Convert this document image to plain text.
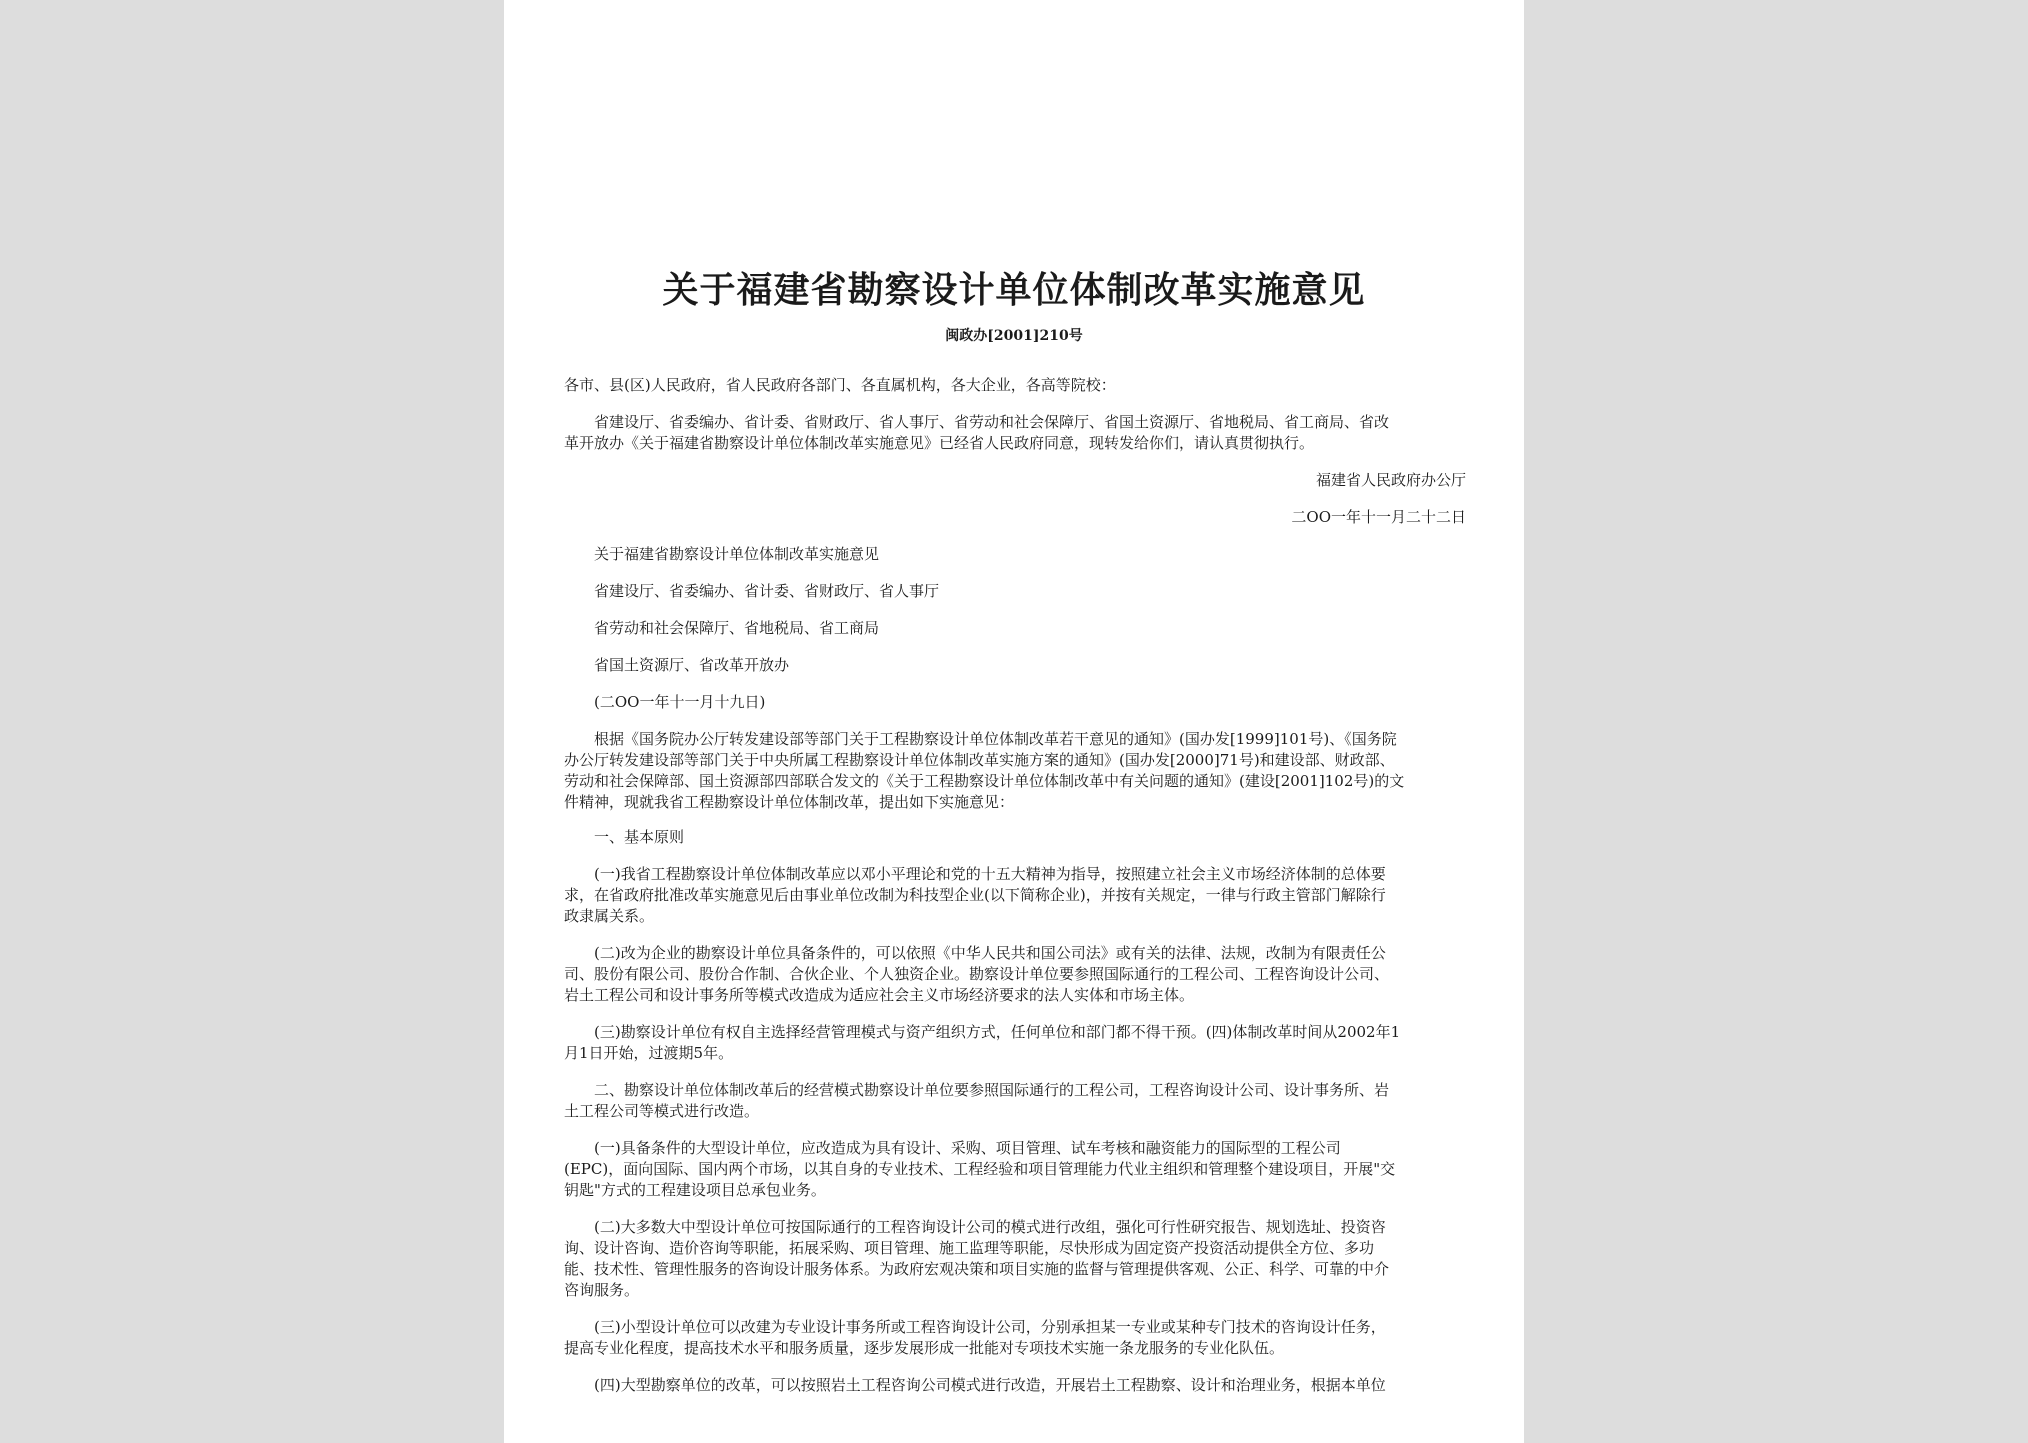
关于福建省勘察设计单位体制改革实施意见
闽政办[2001]210号

各市、县(区)人民政府，省人民政府各部门、各直属机构，各大企业，各高等院校：

省建设厅、省委编办、省计委、省财政厅、省人事厅、省劳动和社会保障厅、省国土资源厅、省地税局、省工商局、省改

革开放办《关于福建省勘察设计单位体制改革实施意见》已经省人民政府同意，现转发给你们，请认真贯彻执行。

福建省人民政府办公厅
二OO一年十一月二十二日

关于福建省勘察设计单位体制改革实施意见

省建设厅、省委编办、省计委、省财政厅、省人事厅

省劳动和社会保障厅、省地税局、省工商局

省国土资源厅、省改革开放办

(二OO一年十一月十九日)

根据《国务院办公厅转发建设部等部门关于工程勘察设计单位体制改革若干意见的通知》(国办发[1999]101号)、《国务院

办公厅转发建设部等部门关于中央所属工程勘察设计单位体制改革实施方案的通知》(国办发[2000]71号)和建设部、财政部、

劳动和社会保障部、国土资源部四部联合发文的《关于工程勘察设计单位体制改革中有关问题的通知》(建设[2001]102号)的文

件精神，现就我省工程勘察设计单位体制改革，提出如下实施意见：

一、基本原则

(一)我省工程勘察设计单位体制改革应以邓小平理论和党的十五大精神为指导，按照建立社会主义市场经济体制的总体要

求，在省政府批准改革实施意见后由事业单位改制为科技型企业(以下简称企业)，并按有关规定，一律与行政主管部门解除行

政隶属关系。

(二)改为企业的勘察设计单位具备条件的，可以依照《中华人民共和国公司法》或有关的法律、法规，改制为有限责任公

司、股份有限公司、股份合作制、合伙企业、个人独资企业。勘察设计单位要参照国际通行的工程公司、工程咨询设计公司、

岩土工程公司和设计事务所等模式改造成为适应社会主义市场经济要求的法人实体和市场主体。

(三)勘察设计单位有权自主选择经营管理模式与资产组织方式，任何单位和部门都不得干预。(四)体制改革时间从2002年1

月1日开始，过渡期5年。

二、勘察设计单位体制改革后的经营模式勘察设计单位要参照国际通行的工程公司，工程咨询设计公司、设计事务所、岩

土工程公司等模式进行改造。

(一)具备条件的大型设计单位，应改造成为具有设计、采购、项目管理、试车考核和融资能力的国际型的工程公司

(EPC)，面向国际、国内两个市场，以其自身的专业技术、工程经验和项目管理能力代业主组织和管理整个建设项目，开展"交

钥匙"方式的工程建设项目总承包业务。

(二)大多数大中型设计单位可按国际通行的工程咨询设计公司的模式进行改组，强化可行性研究报告、规划选址、投资咨

询、设计咨询、造价咨询等职能，拓展采购、项目管理、施工监理等职能，尽快形成为固定资产投资活动提供全方位、多功

能、技术性、管理性服务的咨询设计服务体系。为政府宏观决策和项目实施的监督与管理提供客观、公正、科学、可靠的中介

咨询服务。

(三)小型设计单位可以改建为专业设计事务所或工程咨询设计公司，分别承担某一专业或某种专门技术的咨询设计任务，

提高专业化程度，提高技术水平和服务质量，逐步发展形成一批能对专项技术实施一条龙服务的专业化队伍。

(四)大型勘察单位的改革，可以按照岩土工程咨询公司模式进行改造，开展岩土工程勘察、设计和治理业务，根据本单位
